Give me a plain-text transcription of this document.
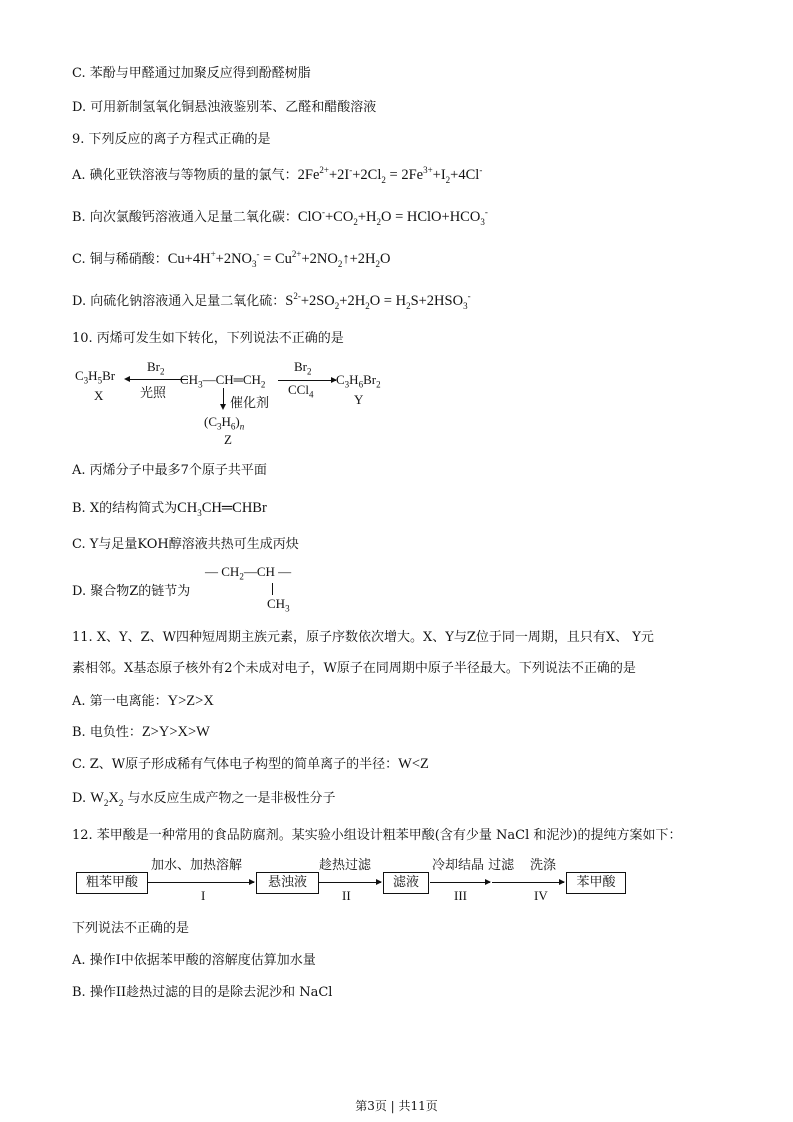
C. 苯酚与甲醛通过加聚反应得到酚醛树脂
D. 可用新制氢氧化铜悬浊液鉴别苯、乙醛和醋酸溶液
9. 下列反应的离子方程式正确的是
A. 碘化亚铁溶液与等物质的量的氯气：$2Fe^{2+}+2I^-+2Cl_2 = 2Fe^{3+}+I_2+4Cl^-$
B. 向次氯酸钙溶液通入足量二氧化碳：$ClO^-+CO_2+H_2O$ = $HClO+HCO_3^-$
C. 铜与稀硝酸：$Cu+4H^++2NO_3^-$ = $Cu^{2+}+2NO_2↑+2H_2O$
D. 向硫化钠溶液通入足量二氧化硫：$S^{2-}+2SO_2+2H_2O = H_2S+2HSO_3^-$
10. 丙烯可发生如下转化，下列说法不正确的是
$C_3H_5Br$
X
$Br_2$
光照
$CH_3—CH═CH_2$
$Br_2$
CCl$_4$
$C_3H_6Br_2$
Y
催化剂
$(C_3H_6)_n$
Z
A. 丙烯分子中最多7个原子共平面
B. X的结构简式为$CH_3CH═CHBr$
C. Y与足量KOH醇溶液共热可生成丙炔
D. 聚合物Z的链节为
— $CH_2—CH$ —
$CH_3$
11. X、Y、Z、W四种短周期主族元素，原子序数依次增大。X、Y与Z位于同一周期，且只有X、 Y元
素相邻。X基态原子核外有2个未成对电子，W原子在同周期中原子半径最大。下列说法不正确的是
A. 第一电离能：Y>Z>X
B. 电负性：Z>Y>X>W
C. Z、W原子形成稀有气体电子构型的简单离子的半径：W<Z
D. $W_2X_2$ 与水反应生成产物之一是非极性分子
12. 苯甲酸是一种常用的食品防腐剂。某实验小组设计粗苯甲酸(含有少量 NaCl 和泥沙)的提纯方案如下：
粗苯甲酸
加水、加热溶解
I
悬浊液
趁热过滤
II
滤液
冷却结晶 过滤
III
洗涤
IV
苯甲酸
下列说法不正确的是
A. 操作I中依据苯甲酸的溶解度估算加水量
B. 操作II趁热过滤的目的是除去泥沙和 NaCl
第3页 | 共11页
